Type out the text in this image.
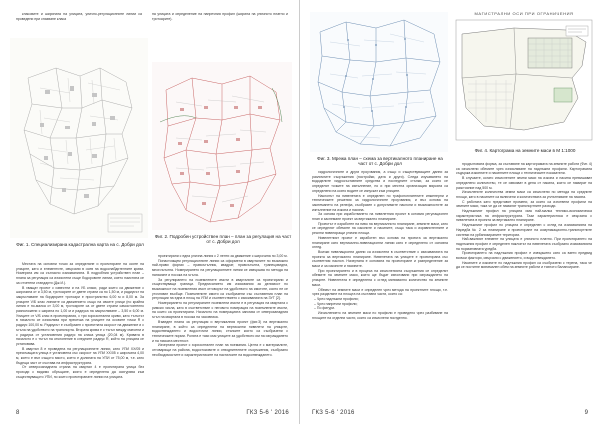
класовите и ширината на улицата, улично-регулационните линии са проведени при спазване класа

на улицата и определение на напречния профил (ширина на уличното платно и тротоарите).

Фиг. 1. Специализирана кадастрална карта на с. Добри дол
Фиг. 2. Подробен устройствен план – план за регулация на част от с. Добри дол

Местата на основни точки за определяне и проектиране на осите на улиците, като и елементите, свързани в осев на водоснабдителните криви. Номерата им са съгласно изискванията. В подробния устройствен план – планa за регулация са изчислени съще бодоровите линии, което наистина се за отчетени стандарти (Дж.И.).

В хващат проект с известни и на УБ класи, ради които са движение с широчина от и 3,50 м, тротоарите от двете страни са по 1,50 м, и радиусът на закръгляване на бордюрите тротоари е пространство 6,00 м и 8,00 м. За улиците V/Б клас линиите са движението също на своите улици (но крайна линия е по-малка от 3,00 м, тротоарите са от двете страни самостоятелно разположени с ширина по 1,00 м и радиуса на закръгляване – 3,50 и 6,00 м. Улиците от V/Б клас в проектирания, с три хоризонтални криви, като тъгълът в началото се изчислява при пресечка на улиците на осовите точки R с радиус 100,00 м. Радиусът е съобразен с проектната скорост на движение и с ъгъла на удобството на транспорта. Втората крива е с тъгъл между смесени и с радиуса от установения радиус на класа улица (20,04 м). Кривата в началото е с тъгъл на отклонение в следните радиус R, който на улицата се установява.

В квартал 8 е проведена на регулационните линии, като УПИ XX/05 и пресичащата улица е установена със скорост на УПИ XX/05 с широчина 4,00 м, което е вън същото място, което е долината на УПИ от 75,00 м, т.е. като бъдеща част от състава на инфраструктурата.

От северозападната страна на квартал 4 е проектирана улица без проходи с видимо обръщане, която е определена да осигурява към съществуващото УПИ, по които проектиранате линии на улицата.

проектирани с една улична линия с 2 ленти за движение с широчина по 3,00 м.

Понастоящем регулационните линии са оформени в кварталите по възможно най-прави форми – правоъгълник, квадрат, правоъгълна, трапецовидна, многоъгълна. Номерирането на регулационните линии се извършва по метода на нанасяне и посока на ъгъла.

За регулирането на поземлените имоти в кварталите са проектирани и съществуващи граници. Предписанието им изисквания за делимост по възможност на поземления имот отговорът на удобството на имотите, които не се уточняват въобще. Поземлените имоти са съобразени със съставения план на регулации на една в площ на УПИ и съответствието с изискванията на ЗУТ [2].

Номерирането на регулираните поземлени имоти е в регулация на квартала с римски числа, като в съответствие с неговото номерация на поземлените имоти, на които са проектирани. Началото на номерацията започва от северозападния ъгъл на квартала в посока на часовника.

Въведен плана за регулация и вертикалния проект (фиг.3) на вертикално планиране, в който са определени на вертикални нивелети на улиците, водоотвеждането и водосточни линии, стъпките които са съобразени с техническите норми. Ролята е тази към улиците за удобството им на изграждането и на ниската местност.

Изчертани проект с хоризонтален план на поемания. Целта е с материалите, отговарящи на района, водостоковите и отводнителните съоръжения, съобразно необходимостите и характеристиките на настилките на водоотвеждането.

8	ГКЗ 5-6 ' 2016
Фиг. 3. Мрежа план – схема за вертикалното планиране на част от с. Добри дол
МАГИСТРАЛНИ ОСИ ПРИ ОГРАНИЧЕНИЯ
Фиг. 4. Картограма на земните маси в М 1:1000

хидрологичните и други проучвания, а също и съществуващите данни за различните съоръжения (постройки, дата и други). Следа изучаването на вододелите хидросъставните средства и последните стъпки, за които се определят точките на изпълнение, но и при местна организация мярката са определени на която водите се изпускат към улиците.

Наклонът на нивелетата е определен по трафопоплатените инженерни и техническите решения за хидрологичните проучвания, и въз основа на заснемането на релефа, съобразен с допустимите наклони и възможностите за изпълнение на изкопа и насипа.

За основа при изработването на нивелетния проект в котовия регулационен план и заснемане проект за вертикално планиране.

Проектът е изработен на ниво на вертикалното планиране, земните маси, като се определят обемите на изкопите и насипите, също така и изравнителните и реални нивелиращи улични площи.

Нивелетният проект е изработен въз основа на проекта за вертикално планиране като вертикално-нивелационни линии като е определено от основна оглед.

Всички нивелационни данни са изчислени в съответствие с изискванията на проекта за вертикално планиране. Нивелетата на улиците е проектирана със съответния наклон. Начертанa е основата на проектиране и разпределение за маси и за изкопите и насипите.

При проектирането и в процеса на изчисленията съоръжения се определят обемите на земните маси, които ще бъдат използвани при изграждането на улиците. Нивелетата е определена с оглед минимално количество на земните маси.

Обемът на земните маси е определен чрез метода на проектните площи, т.е. чрез разделяне на площта на съставни части, които са:

– Чрез надлъжни профили;
– Чрез напречни профили;
– По фигури.

Изчислението на земните маси по профили е проведено чрез разбиване на площите на отделни части, които са изчислени поотделно.

продълговата форма, за съставяне на картограмата на земните работи (Фиг. 4) са изчислени обемите чрез изчисляване на надлъжни профили. Картограмата съдържа изкопните и насипните площи с техническите показатели.

В случаите, когато изчислените земни маси на изкопа и насипа превишават определено количество, те се извозват в депа от насипа, които се намират на разстояние над 500 м.

Изчислените количества земни маси са изчислени по метода на средните площи, като в насипите са включени и количествата за уплътняване на насипа.

С работата като представят промени, за които са изготвени профили на земните маси, така че да се намалят транспортните разходи.

Надлъжният профил на улицата има най-малка технико-икономическа характеристика на инфраструктурата. Тази характеристика е свързана с нивелетата в проекта за вертикално планиране.

Надлъжният профил по улицата е определен с оглед на изискванията на Наредба № 2 за планиране и проектиране на комуникационно-транспортните системи на урбанизираните територии.

Най-важният елемент на улицата е уличното платно. При проектирането на надлъжния профил е определен наклонът на нивелетата съобразно изискванията на нормативната уредба.

Проектирането на надлъжния профил е извършено като са взети предвид всички фактори, свързани с движението, и водоотвеждането.

Насипите и изкопите по надлъжния профил са съобразени с терена, така че да се постигне минимален обем на земните работи и тяхното балансиране.

ГКЗ 5-6 ' 2016	9
